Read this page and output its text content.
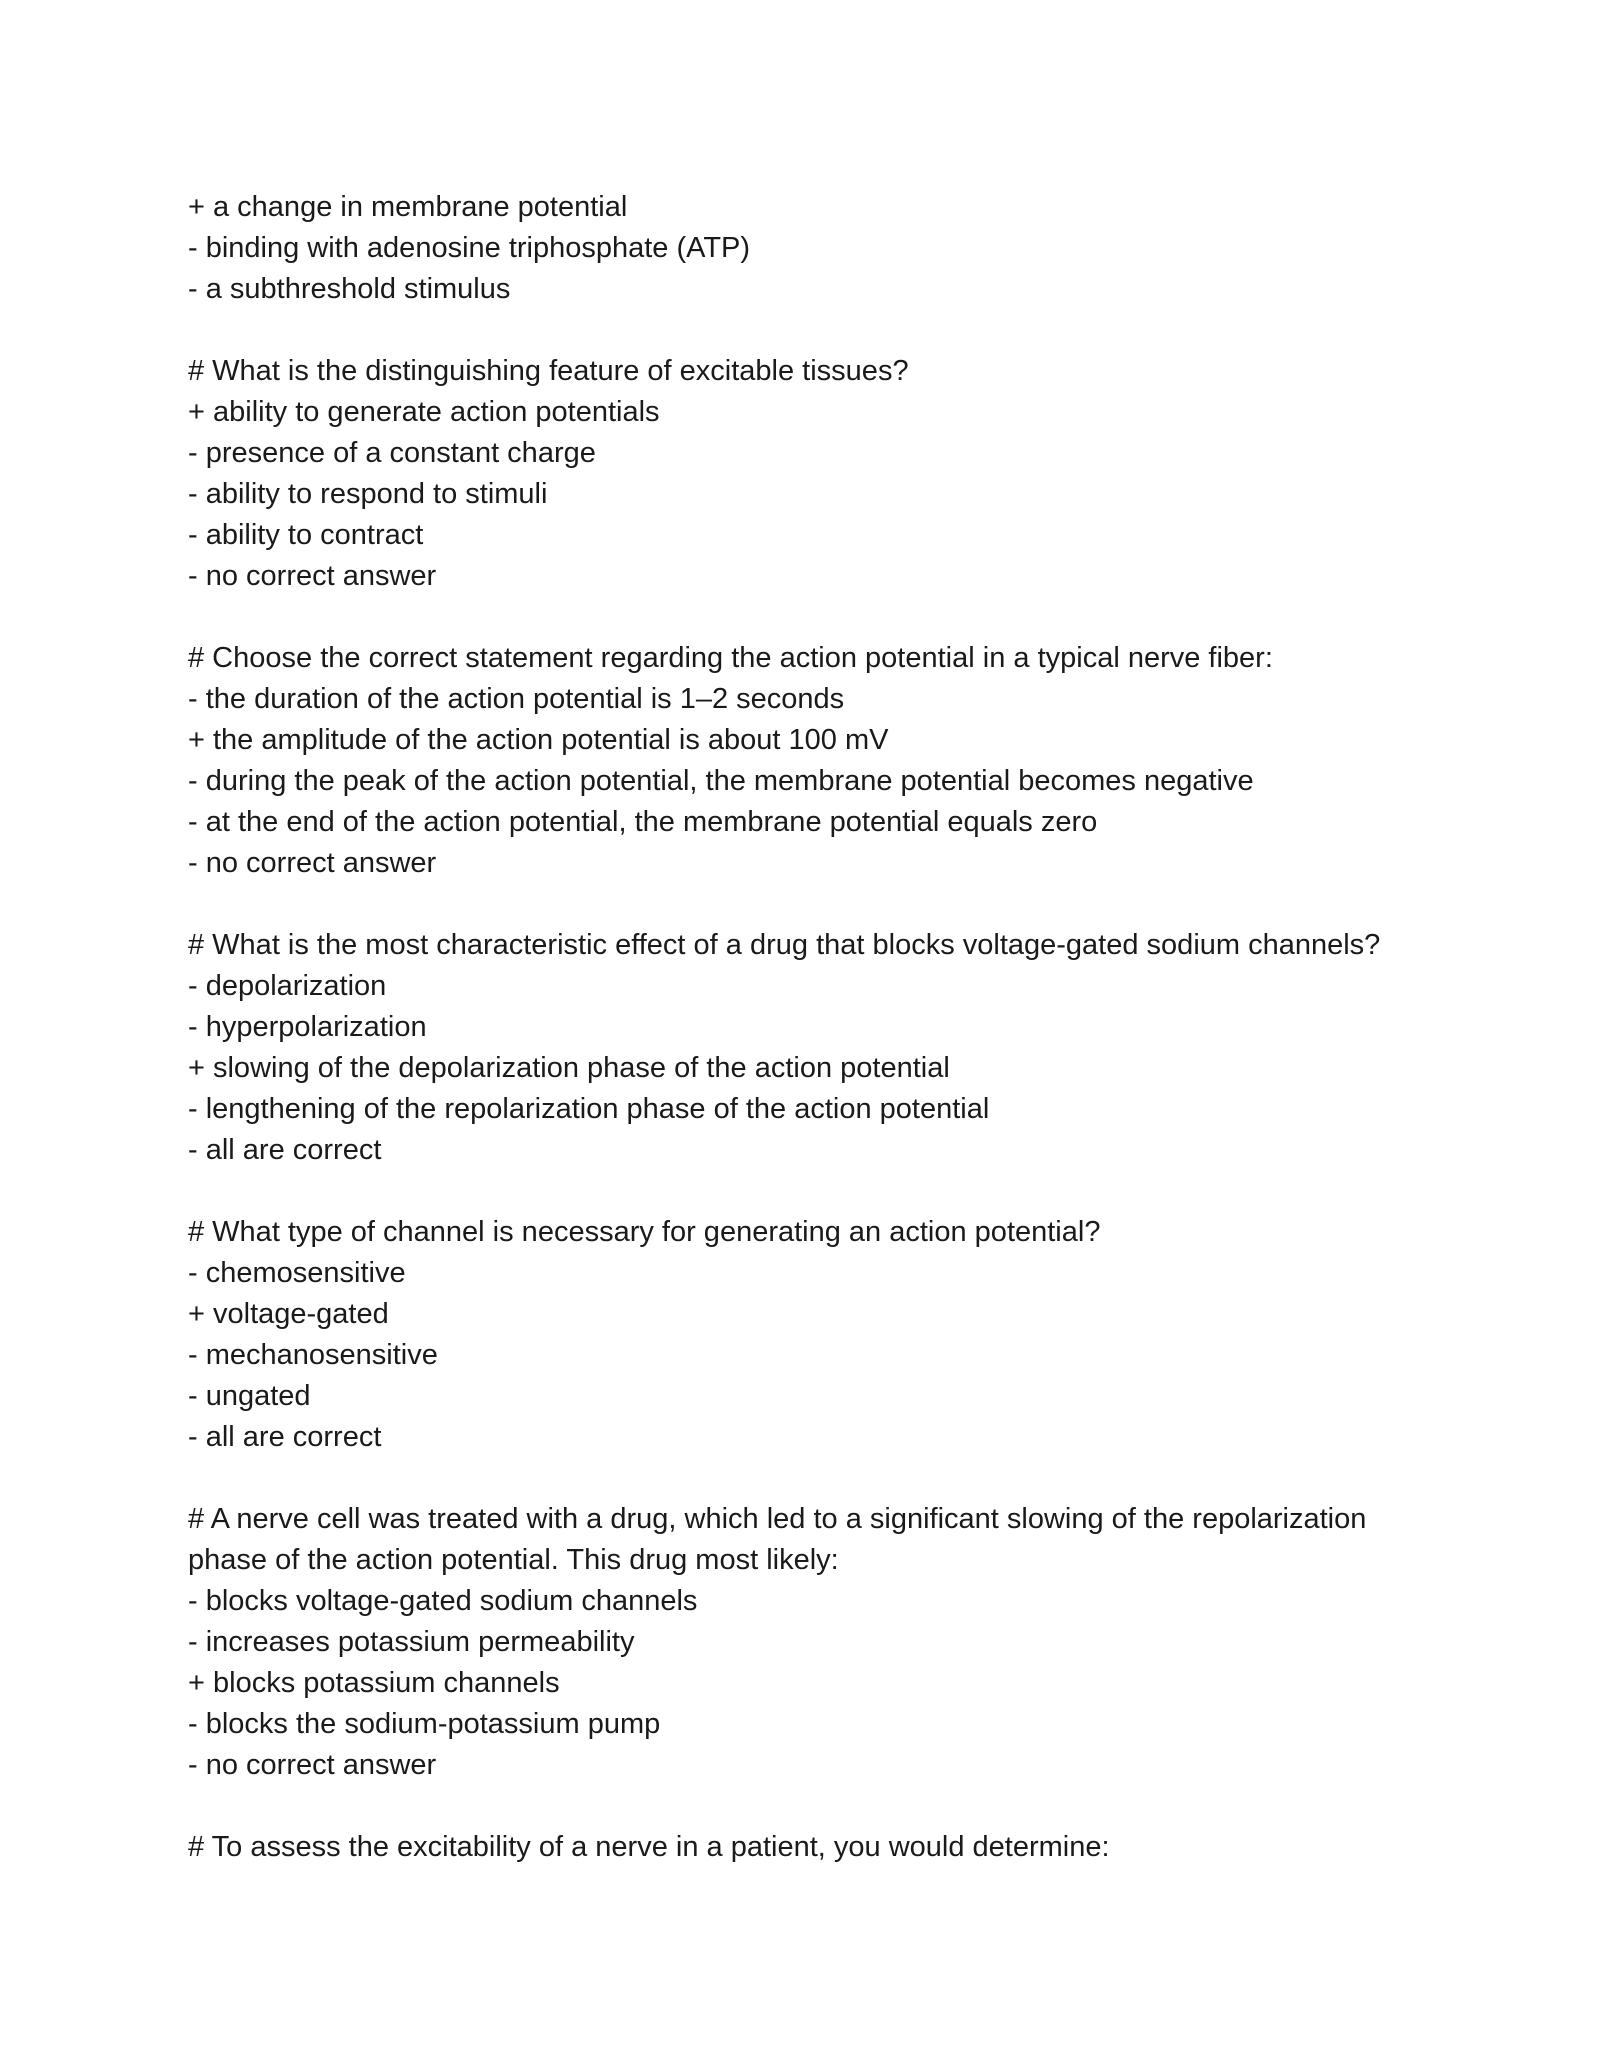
+ a change in membrane potential
- binding with adenosine triphosphate (ATP)
- a subthreshold stimulus
# What is the distinguishing feature of excitable tissues?
+ ability to generate action potentials
- presence of a constant charge
- ability to respond to stimuli
- ability to contract
- no correct answer
# Choose the correct statement regarding the action potential in a typical nerve fiber:
- the duration of the action potential is 1–2 seconds
+ the amplitude of the action potential is about 100 mV
- during the peak of the action potential, the membrane potential becomes negative
- at the end of the action potential, the membrane potential equals zero
- no correct answer
# What is the most characteristic effect of a drug that blocks voltage-gated sodium channels?
- depolarization
- hyperpolarization
+ slowing of the depolarization phase of the action potential
- lengthening of the repolarization phase of the action potential
- all are correct
# What type of channel is necessary for generating an action potential?
- chemosensitive
+ voltage-gated
- mechanosensitive
- ungated
- all are correct
# A nerve cell was treated with a drug, which led to a significant slowing of the repolarization
phase of the action potential. This drug most likely:
- blocks voltage-gated sodium channels
- increases potassium permeability
+ blocks potassium channels
- blocks the sodium-potassium pump
- no correct answer
# To assess the excitability of a nerve in a patient, you would determine:
